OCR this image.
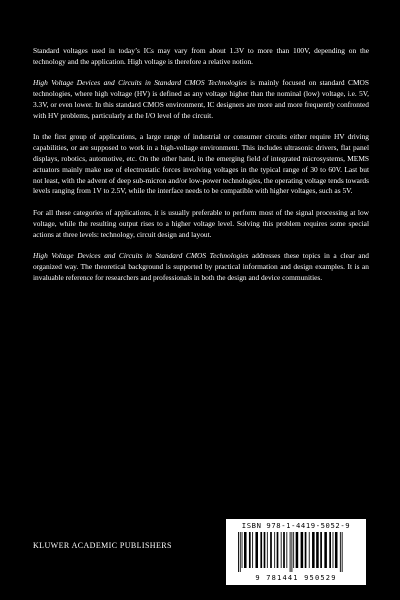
Standard voltages used in today’s ICs may vary from about 1.3V to more than 100V, depending on the technology and the application. High voltage is therefore a relative notion.

High Voltage Devices and Circuits in Standard CMOS Technologies is mainly focused on standard CMOS technologies, where high voltage (HV) is defined as any voltage higher than the nominal (low) voltage, i.e. 5V, 3.3V, or even lower. In this standard CMOS environment, IC designers are more and more frequently confronted with HV problems, particularly at the I/O level of the circuit.

In the first group of applications, a large range of industrial or consumer circuits either require HV driving capabilities, or are supposed to work in a high-voltage environment. This includes ultrasonic drivers, flat panel displays, robotics, automotive, etc. On the other hand, in the emerging field of integrated microsystems, MEMS actuators mainly make use of electrostatic forces involving voltages in the typical range of 30 to 60V. Last but not least, with the advent of deep sub-micron and/or low-power technologies, the operating voltage tends towards levels ranging from 1V to 2.5V, while the interface needs to be compatible with higher voltages, such as 5V.

For all these categories of applications, it is usually preferable to perform most of the signal processing at low voltage, while the resulting output rises to a higher voltage level. Solving this problem requires some special actions at three levels: technology, circuit design and layout.

High Voltage Devices and Circuits in Standard CMOS Technologies addresses these topics in a clear and organized way. The theoretical background is supported by practical information and design examples. It is an invaluable reference for researchers and professionals in both the design and device communities.

KLUWER ACADEMIC PUBLISHERS
ISBN 978-1-4419-5052-9
9 781441 950529
